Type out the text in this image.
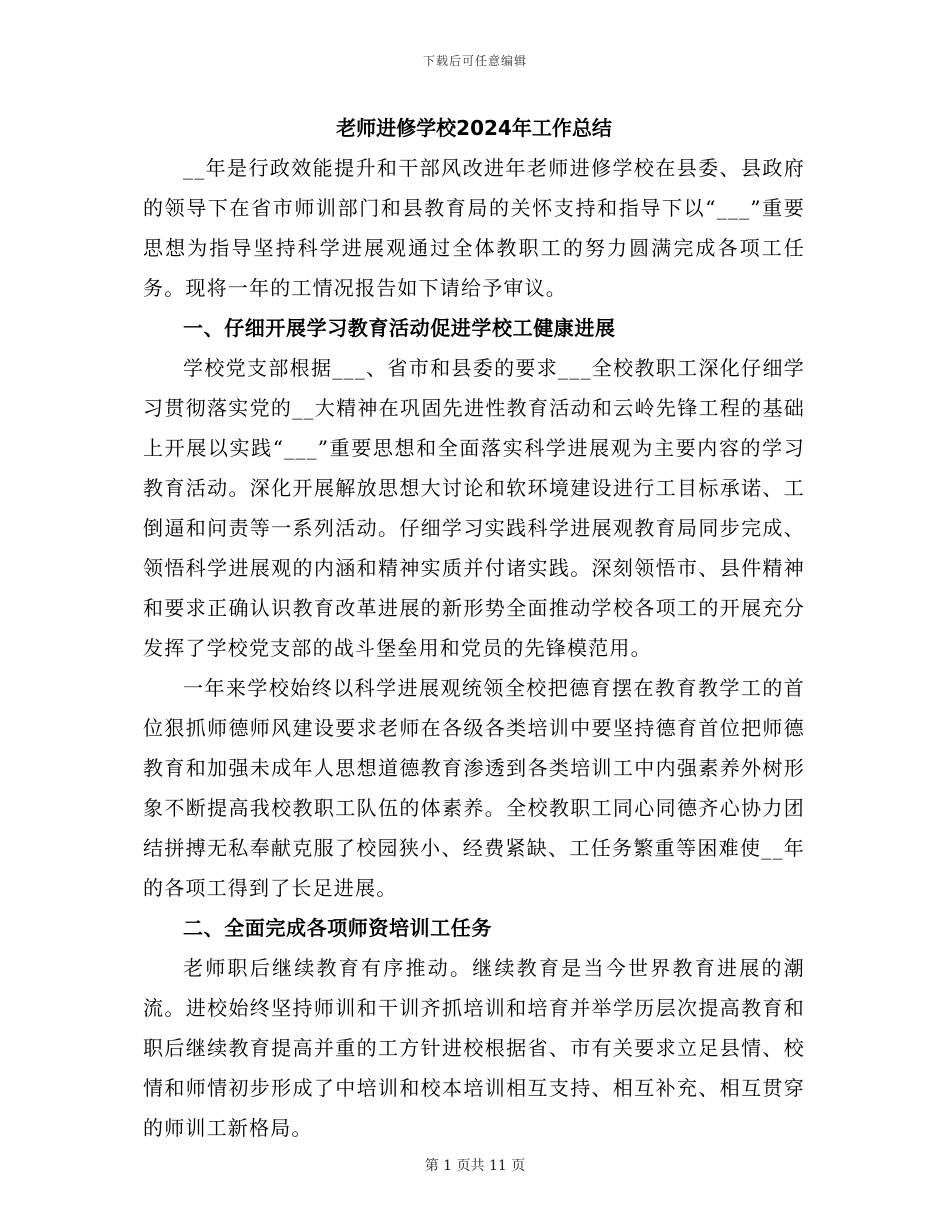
下载后可任意编辑
老师进修学校2024年工作总结

__年是行政效能提升和干部风改进年老师进修学校在县委、县政府的领导下在省市师训部门和县教育局的关怀支持和指导下以“___”重要思想为指导坚持科学进展观通过全体教职工的努力圆满完成各项工任务。现将一年的工情况报告如下请给予审议。

一、仔细开展学习教育活动促进学校工健康进展

学校党支部根据___、省市和县委的要求___全校教职工深化仔细学习贯彻落实党的__大精神在巩固先进性教育活动和云岭先锋工程的基础上开展以实践“___”重要思想和全面落实科学进展观为主要内容的学习教育活动。深化开展解放思想大讨论和软环境建设进行工目标承诺、工倒逼和问责等一系列活动。仔细学习实践科学进展观教育局同步完成、领悟科学进展观的内涵和精神实质并付诸实践。深刻领悟市、县件精神和要求正确认识教育改革进展的新形势全面推动学校各项工的开展充分发挥了学校党支部的战斗堡垒用和党员的先锋模范用。

一年来学校始终以科学进展观统领全校把德育摆在教育教学工的首位狠抓师德师风建设要求老师在各级各类培训中要坚持德育首位把师德教育和加强未成年人思想道德教育渗透到各类培训工中内强素养外树形象不断提高我校教职工队伍的体素养。全校教职工同心同德齐心协力团结拼搏无私奉献克服了校园狭小、经费紧缺、工任务繁重等困难使__年的各项工得到了长足进展。

二、全面完成各项师资培训工任务

老师职后继续教育有序推动。继续教育是当今世界教育进展的潮流。进校始终坚持师训和干训齐抓培训和培育并举学历层次提高教育和职后继续教育提高并重的工方针进校根据省、市有关要求立足县情、校情和师情初步形成了中培训和校本培训相互支持、相互补充、相互贯穿的师训工新格局。

第 1 页共 11 页
